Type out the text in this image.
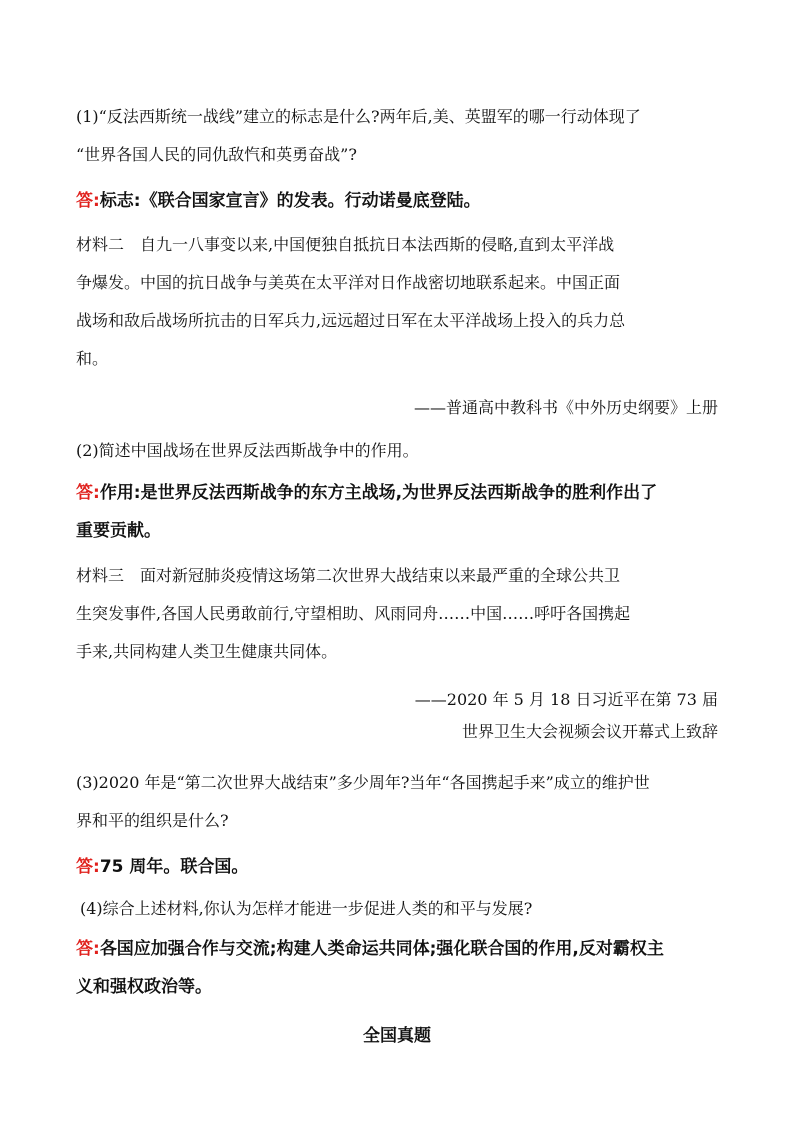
(1)“反法西斯统一战线”建立的标志是什么?两年后,美、英盟军的哪一行动体现了
“世界各国人民的同仇敌忾和英勇奋战”?
答:标志:《联合国家宣言》的发表。行动诺曼底登陆。
材料二　自九一八事变以来,中国便独自抵抗日本法西斯的侵略,直到太平洋战
争爆发。中国的抗日战争与美英在太平洋对日作战密切地联系起来。中国正面
战场和敌后战场所抗击的日军兵力,远远超过日军在太平洋战场上投入的兵力总
和。
——普通高中教科书《中外历史纲要》上册
(2)简述中国战场在世界反法西斯战争中的作用。
答:作用:是世界反法西斯战争的东方主战场,为世界反法西斯战争的胜利作出了
重要贡献。
材料三　面对新冠肺炎疫情这场第二次世界大战结束以来最严重的全球公共卫
生突发事件,各国人民勇敢前行,守望相助、风雨同舟……中国……呼吁各国携起
手来,共同构建人类卫生健康共同体。
——2020 年 5 月 18 日习近平在第 73 届
世界卫生大会视频会议开幕式上致辞
(3)2020 年是“第二次世界大战结束”多少周年?当年“各国携起手来”成立的维护世
界和平的组织是什么?
答:75 周年。联合国。
(4)综合上述材料,你认为怎样才能进一步促进人类的和平与发展?
答:各国应加强合作与交流;构建人类命运共同体;强化联合国的作用,反对霸权主
义和强权政治等。
全国真题
